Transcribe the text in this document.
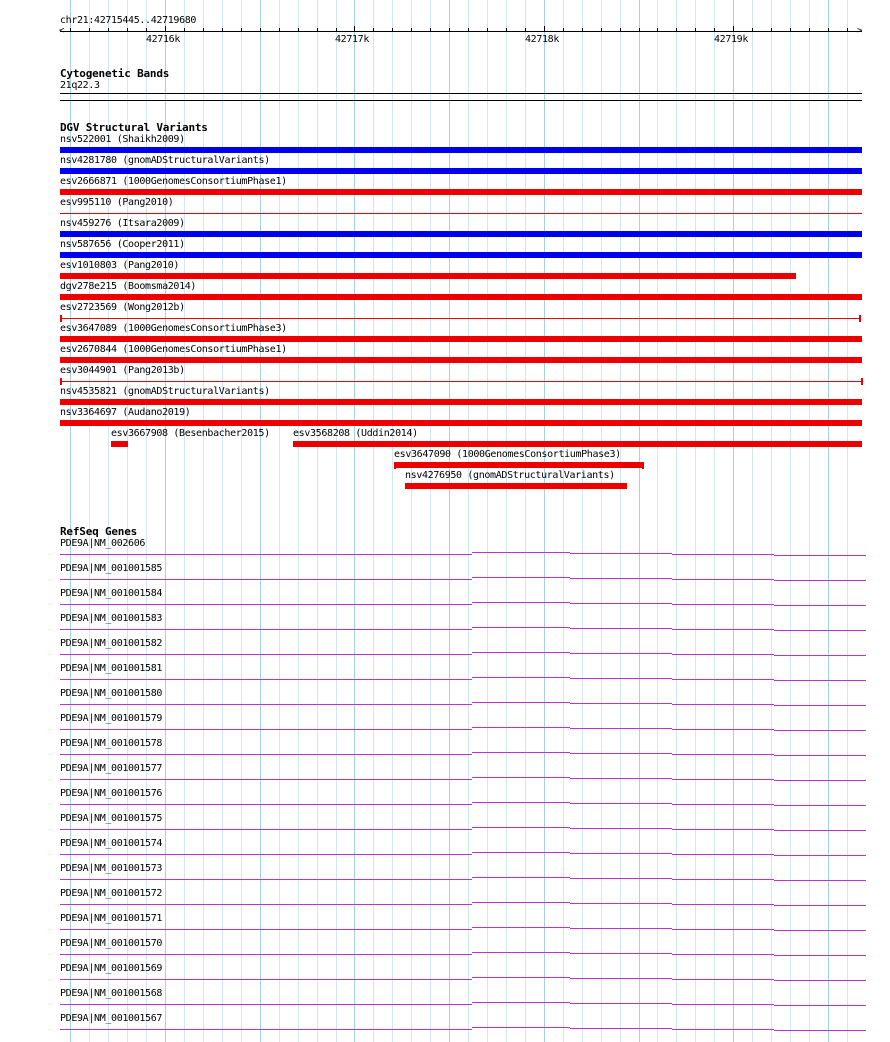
chr21:42715445..42719680
<	>
42716k	42717k	42718k	42719k
Cytogenetic Bands
21q22.3
DGV Structural Variants
nsv522001 (Shaikh2009)
nsv4281780 (gnomADStructuralVariants)
esv2666871 (1000GenomesConsortiumPhase1)
esv995110 (Pang2010)
nsv459276 (Itsara2009)
nsv587656 (Cooper2011)
esv1010803 (Pang2010)
dgv278e215 (Boomsma2014)
esv2723569 (Wong2012b)
esv3647089 (1000GenomesConsortiumPhase3)
esv2670844 (1000GenomesConsortiumPhase1)
esv3044901 (Pang2013b)
nsv4535821 (gnomADStructuralVariants)
nsv3364697 (Audano2019)
esv3667908 (Besenbacher2015) esv3568208 (Uddin2014)
esv3647090 (1000GenomesConsortiumPhase3)
nsv4276950 (gnomADStructuralVariants)
RefSeq Genes
PDE9A|NM_002606
PDE9A|NM_001001585
PDE9A|NM_001001584
PDE9A|NM_001001583
PDE9A|NM_001001582
PDE9A|NM_001001581
PDE9A|NM_001001580
PDE9A|NM_001001579
PDE9A|NM_001001578
PDE9A|NM_001001577
PDE9A|NM_001001576
PDE9A|NM_001001575
PDE9A|NM_001001574
PDE9A|NM_001001573
PDE9A|NM_001001572
PDE9A|NM_001001571
PDE9A|NM_001001570
PDE9A|NM_001001569
PDE9A|NM_001001568
PDE9A|NM_001001567
